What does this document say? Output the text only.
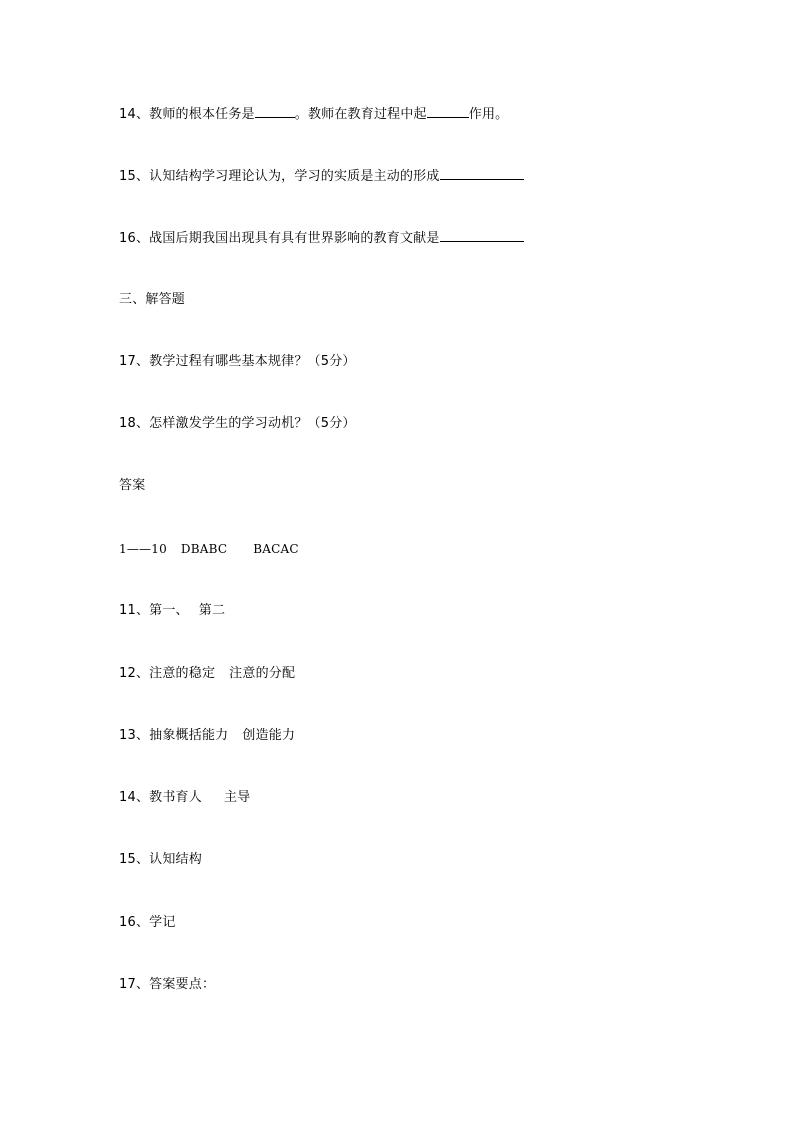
14、教师的根本任务是	。教师在教育过程中起	作用。
15、认知结构学习理论认为，学习的实质是主动的形成
16、战国后期我国出现具有具有世界影响的教育文献是
三、解答题
17、教学过程有哪些基本规律？（5分）
18、怎样激发学生的学习动机？（5分）
答案
1——10 DBABC BACAC
11、第一、 第二
12、注意的稳定 注意的分配
13、抽象概括能力 创造能力
14、教书育人 主导
15、认知结构
16、学记
17、答案要点：
